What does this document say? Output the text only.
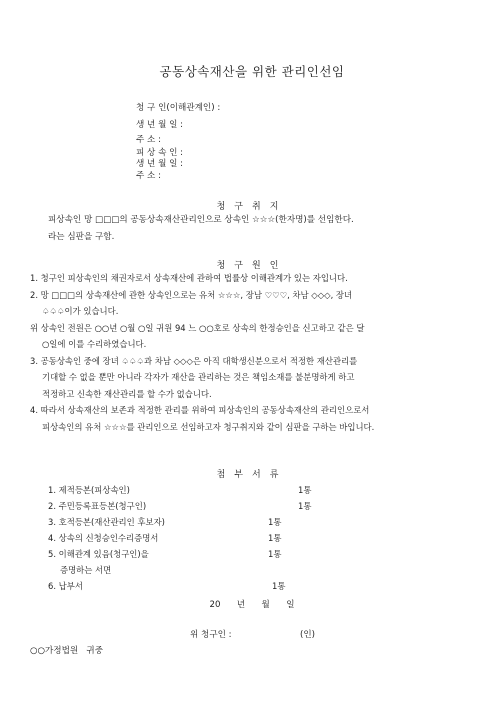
공동상속재산을 위한 관리인선임
청 구 인(이해관계인) :
생 년 월 일 :
주 소 :
피 상 속 인 :
생 년 월 일 :
주 소 :
청구취지
피상속인 망 □□□의 공동상속재산관리인으로 상속인 ☆☆☆(한자명)를 선임한다.
라는 심판을 구함.
청구원인
1. 청구인 피상속인의 채권자로서 상속재산에 관하여 법률상 이해관계가 있는 자입니다.
2. 망 □□□의 상속재산에 관한 상속인으로는 유처 ☆☆☆, 장남 ♡♡♡, 차남 ◇◇◇, 장녀
♤♤♤이가 있습니다.
위 상속인 전원은 ○○년 ○월 ○일 귀원 94 느 ○○호로 상속의 한정승인을 신고하고 같은 달
○일에 이를 수리하였습니다.
3. 공동상속인 중에 장녀 ♤♤♤과 차남 ◇◇◇은 아직 대학생신분으로서 적정한 재산관리를
기대할 수 없을 뿐만 아니라 각자가 재산을 관리하는 것은 책임소재를 불분명하게 하고
적정하고 신속한 재산관리를 할 수가 없습니다.
4. 따라서 상속재산의 보존과 적정한 관리를 위하여 피상속인의 공동상속재산의 관리인으로서
피상속인의 유처 ☆☆☆를 관리인으로 선임하고자 청구취지와 같이 심판을 구하는 바입니다.
첨부서류
1. 제적등본(피상속인)	1통
2. 주민등록표등본(청구인)	1통
3. 호적등본(재산관리인 후보자)	1통
4. 상속의 신청승인수리증명서	1통
5. 이해관계 있음(청구인)을	1통
증명하는 서면
6. 납부서	1통
20      년      월      일
위 청구인 :	(인)
○○가정법원   귀중
